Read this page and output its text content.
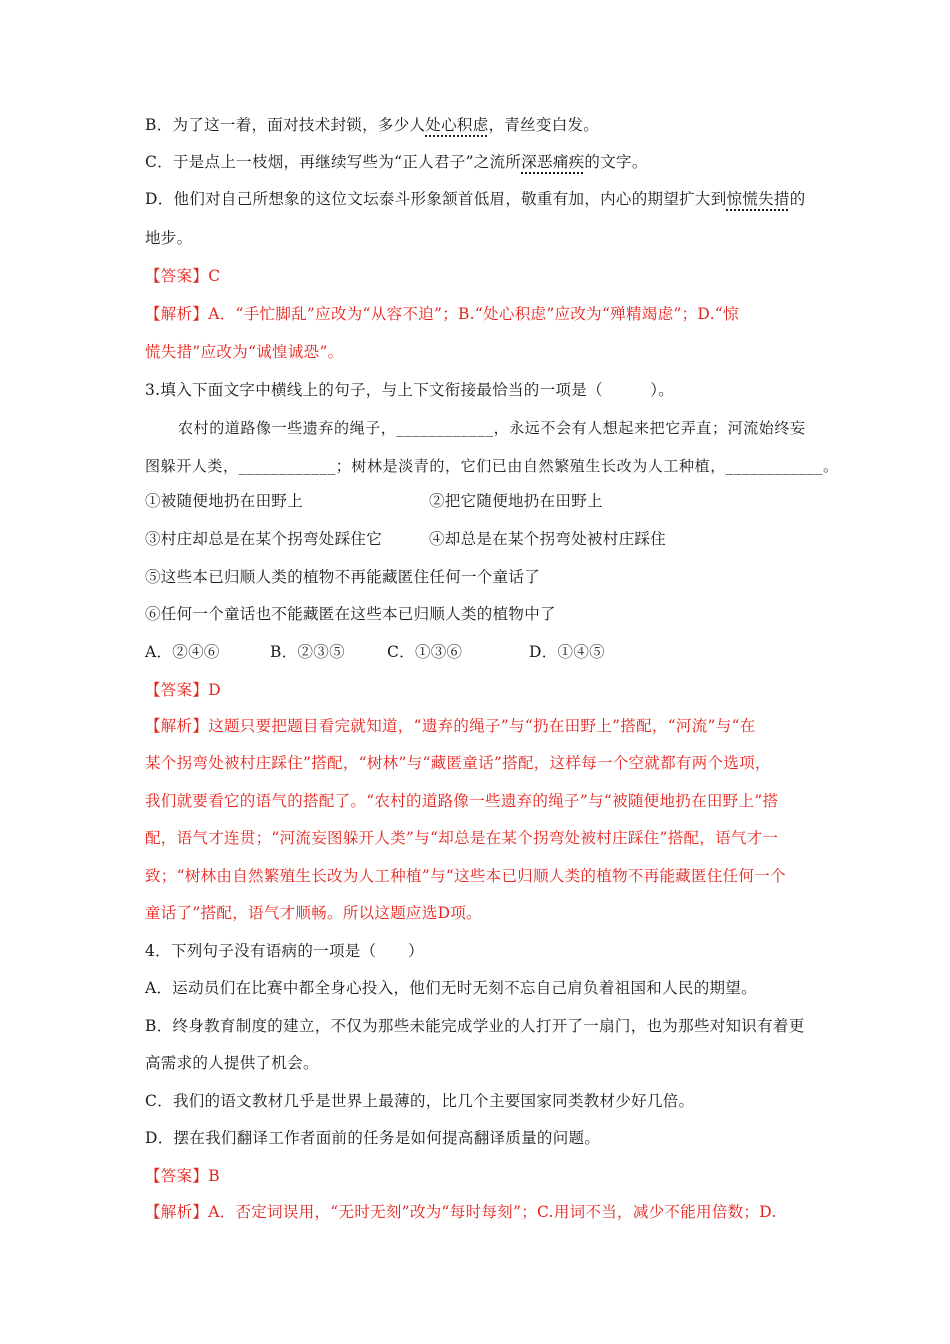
B．为了这一着，面对技术封锁，多少人处心积虑，青丝变白发。
C．于是点上一枝烟，再继续写些为“正人君子”之流所深恶痛疾的文字。
D．他们对自己所想象的这位文坛泰斗形象颔首低眉，敬重有加，内心的期望扩大到惊慌失措的
地步。
【答案】C
【解析】A．“手忙脚乱”应改为“从容不迫”；B.“处心积虑”应改为“殚精竭虑”；D.“惊
慌失措”应改为“诚惶诚恐”。
3.填入下面文字中横线上的句子，与上下文衔接最恰当的一项是（　　　）。
农村的道路像一些遗弃的绳子，____________，永远不会有人想起来把它弄直；河流始终妄
图躲开人类，____________；树林是淡青的，它们已由自然繁殖生长改为人工种植，____________。
①被随便地扔在田野上	②把它随便地扔在田野上
③村庄却总是在某个拐弯处踩住它	④却总是在某个拐弯处被村庄踩住
⑤这些本已归顺人类的植物不再能藏匿住任何一个童话了
⑥任何一个童话也不能藏匿在这些本已归顺人类的植物中了
A．②④⑥	B．②③⑤	C．①③⑥	D．①④⑤
【答案】D
【解析】这题只要把题目看完就知道，“遗弃的绳子”与“扔在田野上”搭配，“河流”与“在
某个拐弯处被村庄踩住”搭配，“树林”与“藏匿童话”搭配，这样每一个空就都有两个选项，
我们就要看它的语气的搭配了。“农村的道路像一些遗弃的绳子”与“被随便地扔在田野上”搭
配，语气才连贯；“河流妄图躲开人类”与“却总是在某个拐弯处被村庄踩住”搭配，语气才一
致；“树林由自然繁殖生长改为人工种植”与“这些本已归顺人类的植物不再能藏匿住任何一个
童话了”搭配，语气才顺畅。所以这题应选D项。
4．下列句子没有语病的一项是（　　）
A．运动员们在比赛中都全身心投入，他们无时无刻不忘自己肩负着祖国和人民的期望。
B．终身教育制度的建立，不仅为那些未能完成学业的人打开了一扇门，也为那些对知识有着更
高需求的人提供了机会。
C．我们的语文教材几乎是世界上最薄的，比几个主要国家同类教材少好几倍。
D．摆在我们翻译工作者面前的任务是如何提高翻译质量的问题。
【答案】B
【解析】A．否定词误用，“无时无刻”改为“每时每刻”；C.用词不当，减少不能用倍数；D.
